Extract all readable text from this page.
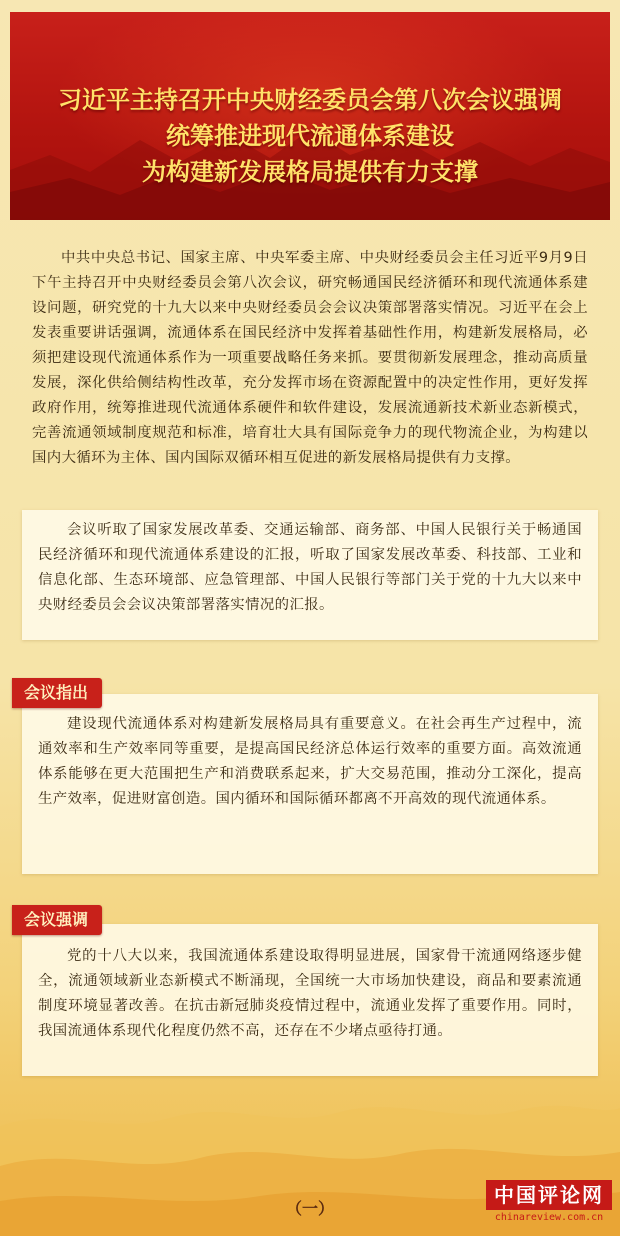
习近平主持召开中央财经委员会第八次会议强调
统筹推进现代流通体系建设
为构建新发展格局提供有力支撑

中共中央总书记、国家主席、中央军委主席、中央财经委员会主任习近平9月9日下午主持召开中央财经委员会第八次会议，研究畅通国民经济循环和现代流通体系建设问题，研究党的十九大以来中央财经委员会会议决策部署落实情况。习近平在会上发表重要讲话强调，流通体系在国民经济中发挥着基础性作用，构建新发展格局，必须把建设现代流通体系作为一项重要战略任务来抓。要贯彻新发展理念，推动高质量发展，深化供给侧结构性改革，充分发挥市场在资源配置中的决定性作用，更好发挥政府作用，统筹推进现代流通体系硬件和软件建设，发展流通新技术新业态新模式，完善流通领域制度规范和标准，培育壮大具有国际竞争力的现代物流企业，为构建以国内大循环为主体、国内国际双循环相互促进的新发展格局提供有力支撑。

会议听取了国家发展改革委、交通运输部、商务部、中国人民银行关于畅通国民经济循环和现代流通体系建设的汇报，听取了国家发展改革委、科技部、工业和信息化部、生态环境部、应急管理部、中国人民银行等部门关于党的十九大以来中央财经委员会会议决策部署落实情况的汇报。

建设现代流通体系对构建新发展格局具有重要意义。在社会再生产过程中，流通效率和生产效率同等重要，是提高国民经济总体运行效率的重要方面。高效流通体系能够在更大范围把生产和消费联系起来，扩大交易范围，推动分工深化，提高生产效率，促进财富创造。国内循环和国际循环都离不开高效的现代流通体系。

会议指出

党的十八大以来，我国流通体系建设取得明显进展，国家骨干流通网络逐步健全，流通领域新业态新模式不断涌现，全国统一大市场加快建设，商品和要素流通制度环境显著改善。在抗击新冠肺炎疫情过程中，流通业发挥了重要作用。同时，我国流通体系现代化程度仍然不高，还存在不少堵点亟待打通。

会议强调
（一）
中国评论网
chinareview.com.cn
